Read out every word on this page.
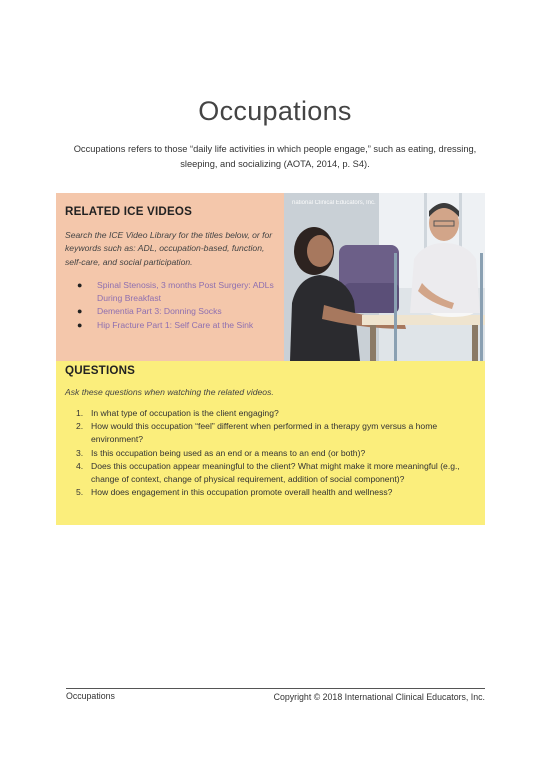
Occupations
Occupations refers to those “daily life activities in which people engage,” such as eating, dressing, sleeping, and socializing (AOTA, 2014, p. S4).
RELATED ICE VIDEOS

Search the ICE Video Library for the titles below, or for keywords such as: ADL, occupation-based, function, self-care, and social participation.

● Spinal Stenosis, 3 months Post Surgery: ADLs During Breakfast
● Dementia Part 3: Donning Socks
● Hip Fracture Part 1: Self Care at the Sink
national Clinical Educators, Inc.
QUESTIONS

Ask these questions when watching the related videos.

1. In what type of occupation is the client engaging?
2. How would this occupation “feel” different when performed in a therapy gym versus a home environment?
3. Is this occupation being used as an end or a means to an end (or both)?
4. Does this occupation appear meaningful to the client? What might make it more meaningful (e.g., change of context, change of physical requirement, addition of social component)?
5. How does engagement in this occupation promote overall health and wellness?
Occupations	Copyright © 2018 International Clinical Educators, Inc.
